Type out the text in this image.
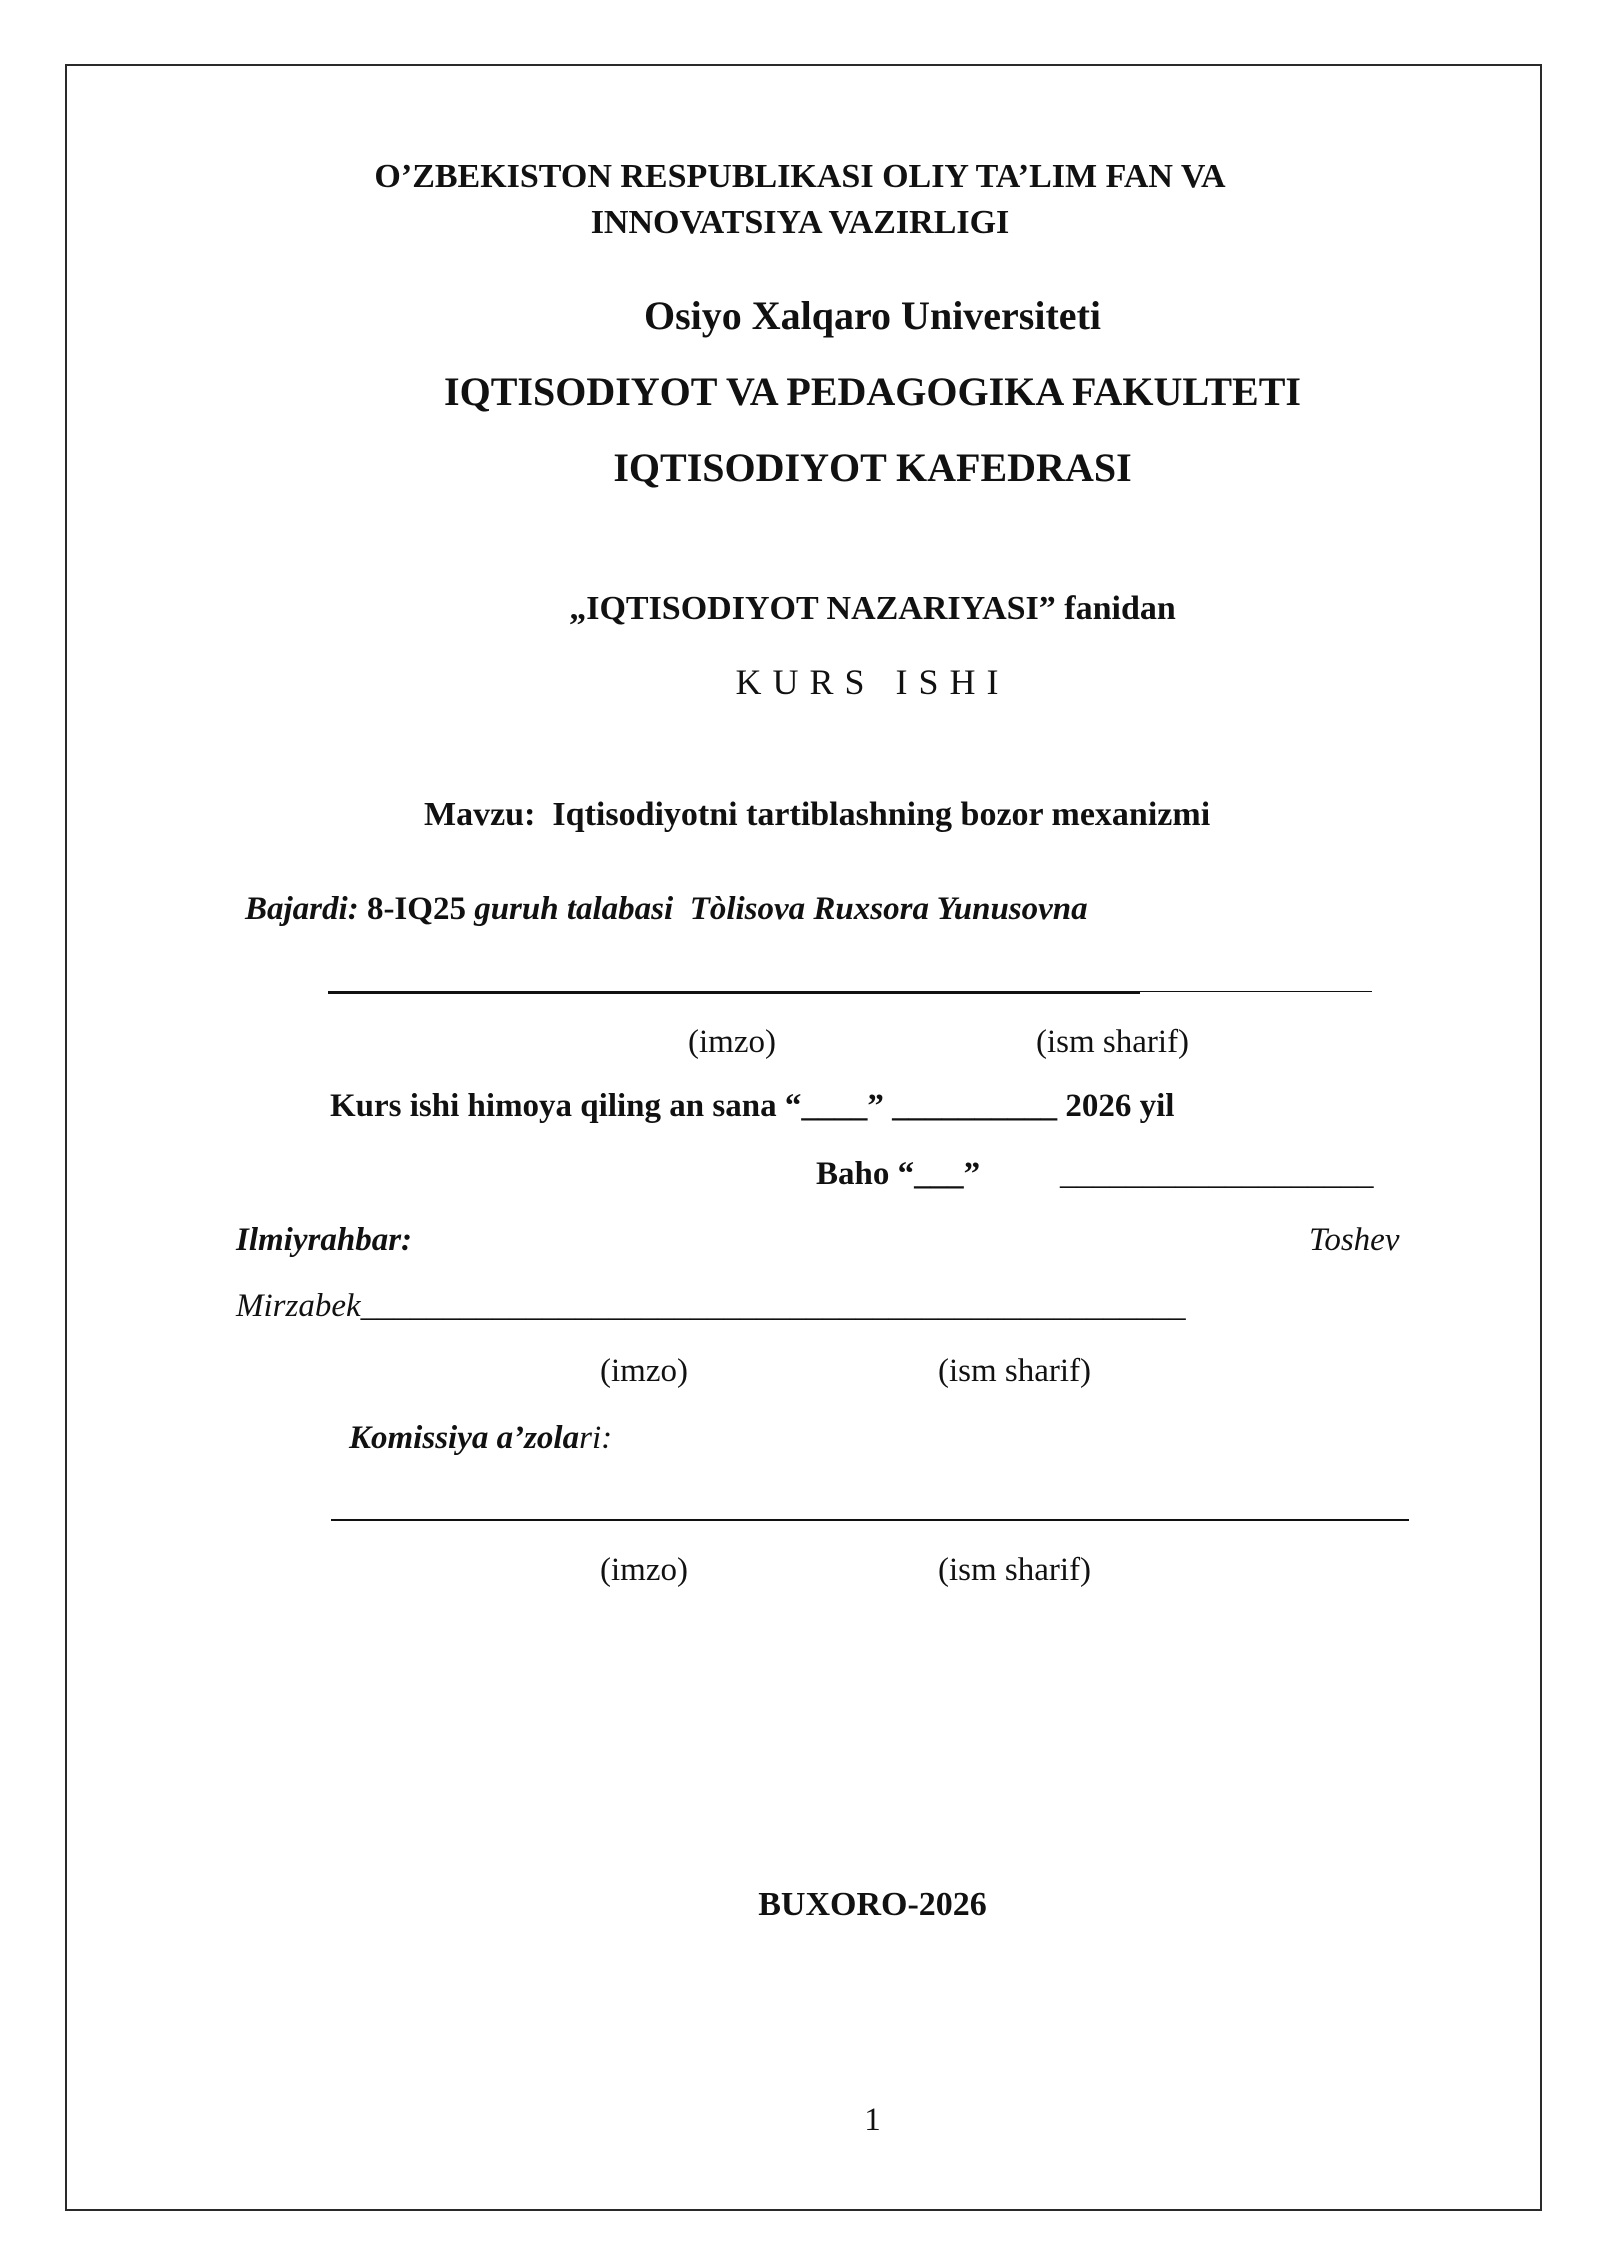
O’ZBEKISTON RESPUBLIKASI OLIY TA’LIM FAN VA
INNOVATSIYA VAZIRLIGI
Osiyo Xalqaro Universiteti
IQTISODIYOT VA PEDAGOGIKA FAKULTETI
IQTISODIYOT KAFEDRASI
„IQTISODIYOT NAZARIYASI” fanidan
KURS ISHI
Mavzu: Iqtisodiyotni tartiblashning bozor mexanizmi
Bajardi: 8-IQ25 guruh talabasi Tòlisova Ruxsora Yunusovna
(imzo)	(ism sharif)
Kurs ishi himoya qiling an sana “____” __________ 2026 yil
Baho “___” ___________________
Ilmiyrahbar:	Toshev
Mirzabek__________________________________________________
(imzo)	(ism sharif)
Komissiya a’zolari:
(imzo)	(ism sharif)
BUXORO-2026
1
